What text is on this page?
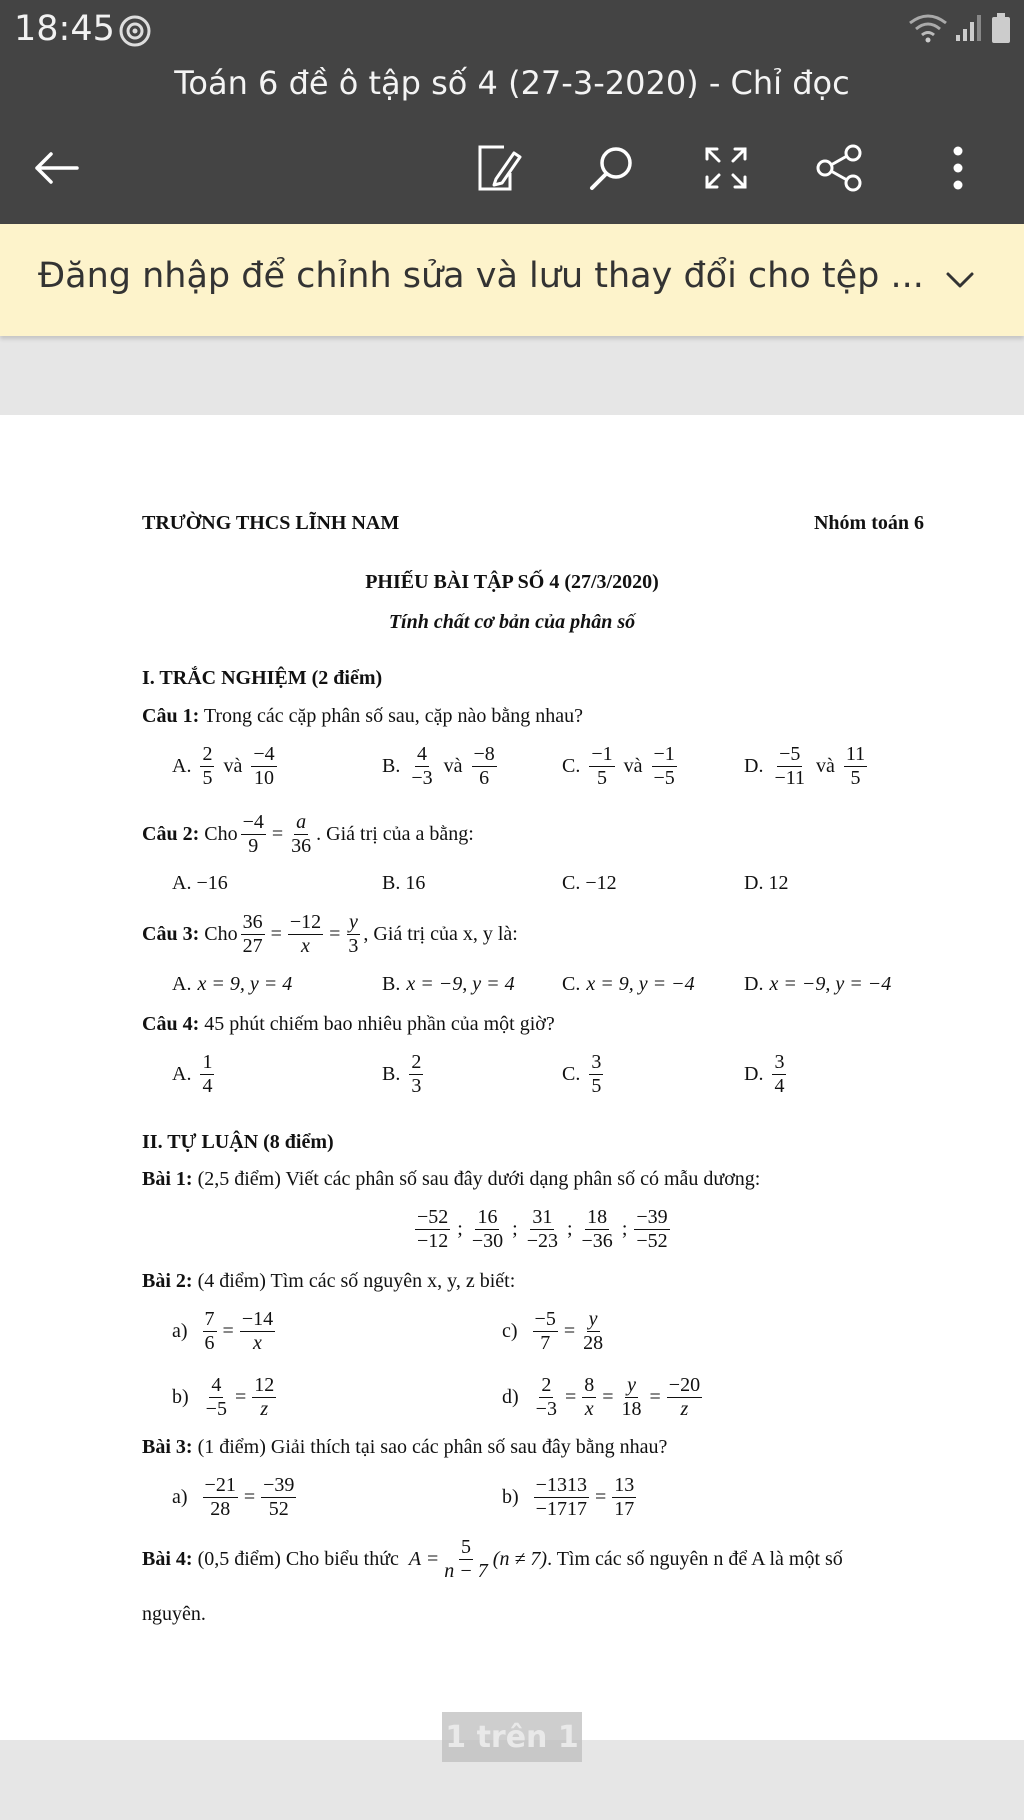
18:45
Toán 6 đề ô tập số 4 (27-3-2020) - Chỉ đọc
Đăng nhập để chỉnh sửa và lưu thay đổi cho tệp ...
TRƯỜNG THCS LĨNH NAM	Nhóm toán 6
PHIẾU BÀI TẬP SỐ 4 (27/3/2020)
Tính chất cơ bản của phân số
I. TRẮC NGHIỆM (2 điểm)
Câu 1: Trong các cặp phân số sau, cặp nào bằng nhau?
A. $\frac{2}{5}$ và $\frac{-4}{10}$	B. $\frac{4}{-3}$ và $\frac{-8}{6}$	C. $\frac{-1}{5}$ và $\frac{-1}{-5}$	D. $\frac{-5}{-11}$ và $\frac{11}{5}$
Câu 2: Cho $\frac{-4}{9} = \frac{a}{36}$ . Giá trị của a bằng:
A. −16	B. 16	C. −12	D. 12
Câu 3: Cho $\frac{36}{27} = \frac{-12}{x} = \frac{y}{3}$ , Giá trị của x, y là:
A. x = 9, y = 4	B. x = −9, y = 4 C. x = 9, y = −4 D. x = −9, y = −4
Câu 4: 45 phút chiếm bao nhiêu phần của một giờ?
A. $\frac{1}{4}$	B. $\frac{2}{3}$	C. $\frac{3}{5}$	D. $\frac{3}{4}$
II. TỰ LUẬN (8 điểm)
Bài 1: (2,5 điểm) Viết các phân số sau đây dưới dạng phân số có mẫu dương:
$\frac{-52}{-12}$ ; $\frac{16}{-30}$ ; $\frac{31}{-23}$ ; $\frac{18}{-36}$ ; $\frac{-39}{-52}$
Bài 2: (4 điểm) Tìm các số nguyên x, y, z biết:
$a) \frac{7}{6} = \frac{-14}{x}$	$c) \frac{-5}{7} = \frac{y}{28}$
$b) \frac{4}{-5} = \frac{12}{z}$	$d) \frac{2}{-3} = \frac{8}{x} = \frac{y}{18} = \frac{-20}{z}$
Bài 3: (1 điểm) Giải thích tại sao các phân số sau đây bằng nhau?
$a) \frac{-21}{28} = \frac{-39}{52}$	$b) \frac{-1313}{-1717} = \frac{13}{17}$
Bài 4: (0,5 điểm) Cho biểu thức $A = \frac{5}{n - 7} (n \ne 7)$ . Tìm các số nguyên n để A là một số
nguyên.
1 trên 1
